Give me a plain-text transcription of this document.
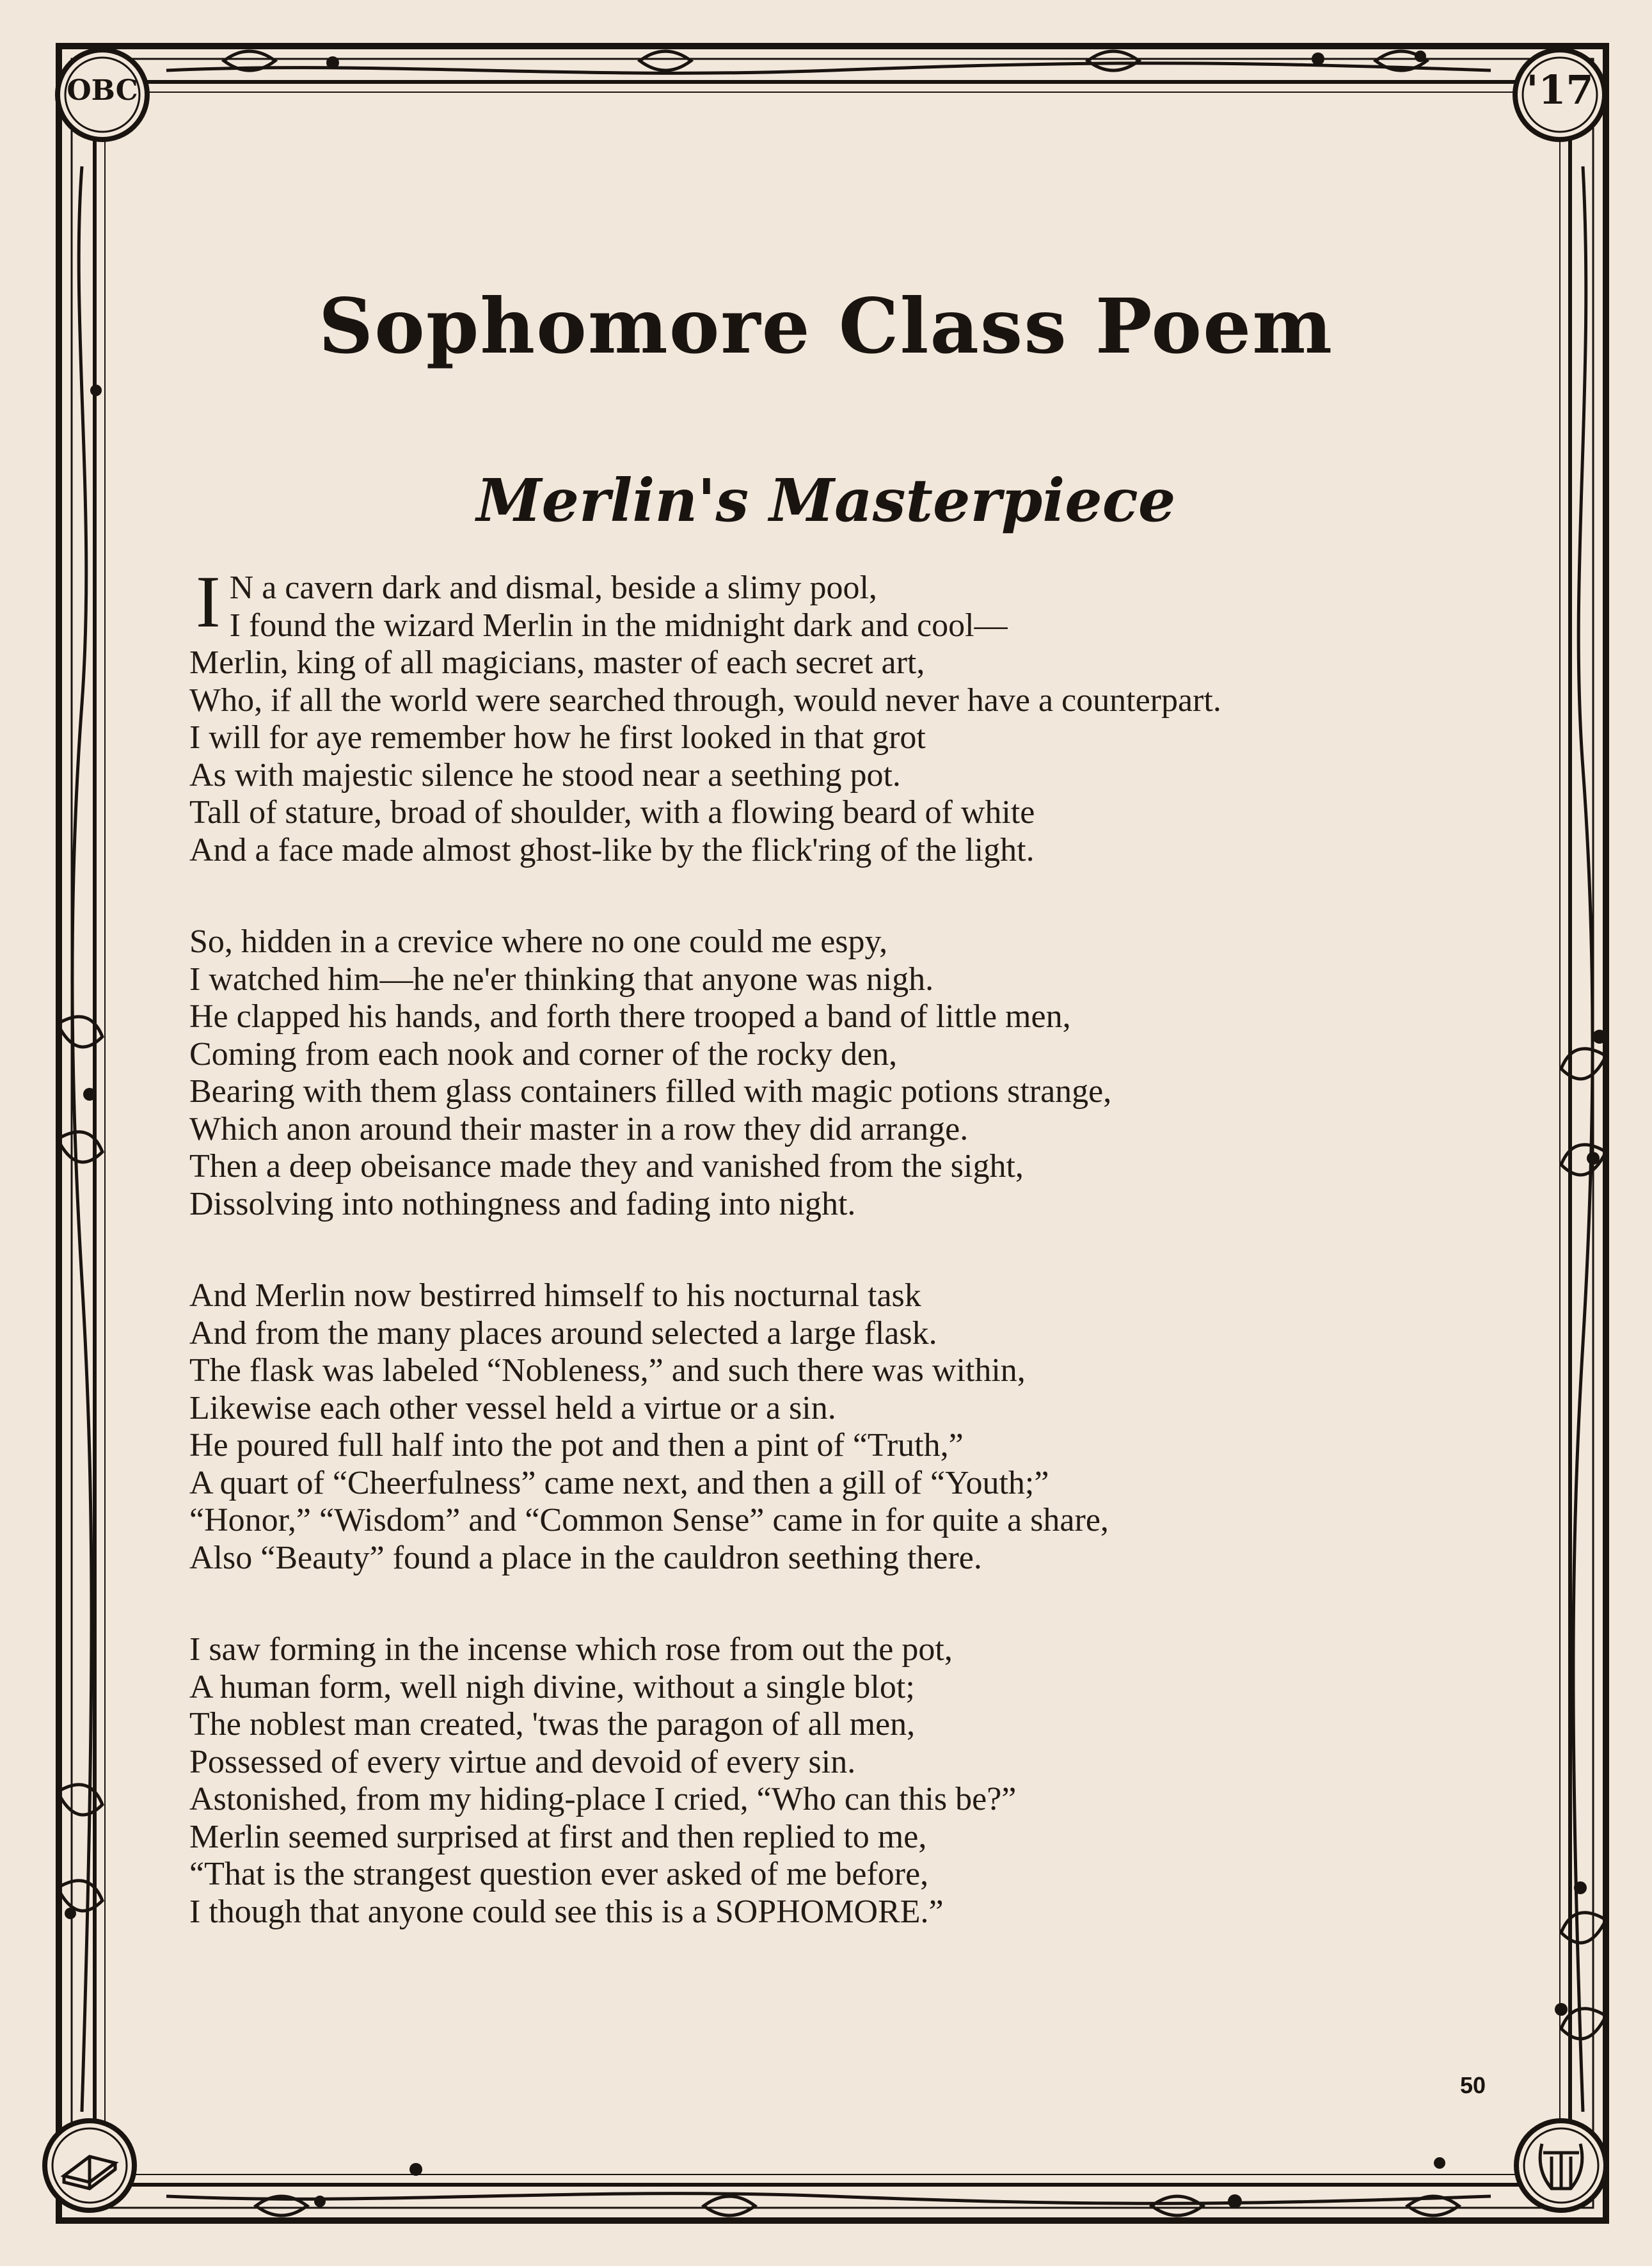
OBC	'17
Sophomore Class Poem
Merlin's Masterpiece
I N a cavern dark and dismal, beside a slimy pool,
I found the wizard Merlin in the midnight dark and cool—
Merlin, king of all magicians, master of each secret art,
Who, if all the world were searched through, would never have a counterpart.
I will for aye remember how he first looked in that grot
As with majestic silence he stood near a seething pot.
Tall of stature, broad of shoulder, with a flowing beard of white
And a face made almost ghost-like by the flick'ring of the light.
So, hidden in a crevice where no one could me espy,
I watched him—he ne'er thinking that anyone was nigh.
He clapped his hands, and forth there trooped a band of little men,
Coming from each nook and corner of the rocky den,
Bearing with them glass containers filled with magic potions strange,
Which anon around their master in a row they did arrange.
Then a deep obeisance made they and vanished from the sight,
Dissolving into nothingness and fading into night.
And Merlin now bestirred himself to his nocturnal task
And from the many places around selected a large flask.
The flask was labeled “Nobleness,” and such there was within,
Likewise each other vessel held a virtue or a sin.
He poured full half into the pot and then a pint of “Truth,”
A quart of “Cheerfulness” came next, and then a gill of “Youth;”
“Honor,” “Wisdom” and “Common Sense” came in for quite a share,
Also “Beauty” found a place in the cauldron seething there.
I saw forming in the incense which rose from out the pot,
A human form, well nigh divine, without a single blot;
The noblest man created, 'twas the paragon of all men,
Possessed of every virtue and devoid of every sin.
Astonished, from my hiding-place I cried, “Who can this be?”
Merlin seemed surprised at first and then replied to me,
“That is the strangest question ever asked of me before,
I though that anyone could see this is a SOPHOMORE.”
50
